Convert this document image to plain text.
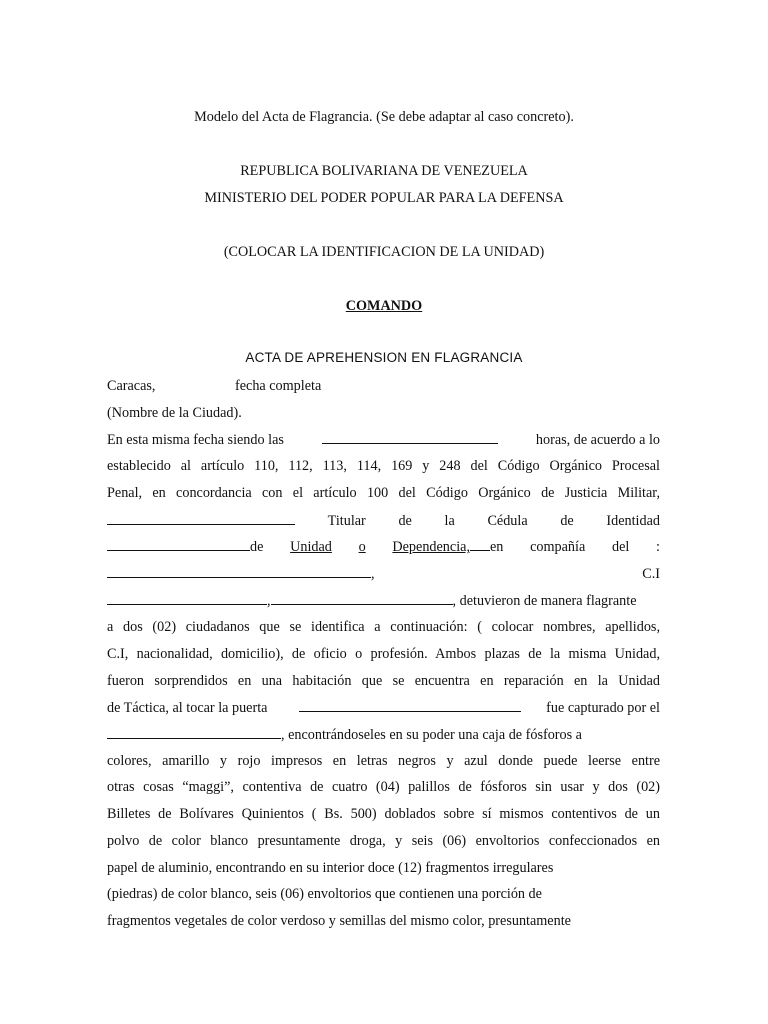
Modelo del Acta de Flagrancia. (Se debe adaptar al caso concreto).
REPUBLICA BOLIVARIANA DE VENEZUELA
MINISTERIO DEL PODER POPULAR PARA LA DEFENSA
(COLOCAR LA IDENTIFICACION DE LA UNIDAD)
COMANDO
ACTA DE APREHENSION EN FLAGRANCIA
Caracas,	fecha completa
(Nombre de la Ciudad).
En esta misma fecha siendo las	horas, de acuerdo a lo
establecido al artículo 110, 112, 113, 114, 169 y 248 del Código Orgánico Procesal
Penal, en concordancia con el artículo 100 del Código Orgánico de Justicia Militar,
Titular de la Cédula de Identidad
de Unidad o Dependencia, en compañía del :
,	C.I
,	, detuvieron de manera flagrante
a dos (02) ciudadanos que se identifica a continuación: ( colocar nombres, apellidos,
C.I, nacionalidad, domicilio), de oficio o profesión. Ambos plazas de la misma Unidad,
fueron sorprendidos en una habitación que se encuentra en reparación en la Unidad
de Táctica, al tocar la puerta	fue capturado por el
, encontrándoseles en su poder una caja de fósforos a
colores, amarillo y rojo impresos en letras negros y azul donde puede leerse entre
otras cosas “maggi”, contentiva de cuatro (04) palillos de fósforos sin usar y dos (02)
Billetes de Bolívares Quinientos ( Bs. 500) doblados sobre sí mismos contentivos de un
polvo de color blanco presuntamente droga, y seis (06) envoltorios confeccionados en
papel de aluminio, encontrando en su interior doce (12) fragmentos irregulares
(piedras) de color blanco, seis (06) envoltorios que contienen una porción de
fragmentos vegetales de color verdoso y semillas del mismo color, presuntamente
